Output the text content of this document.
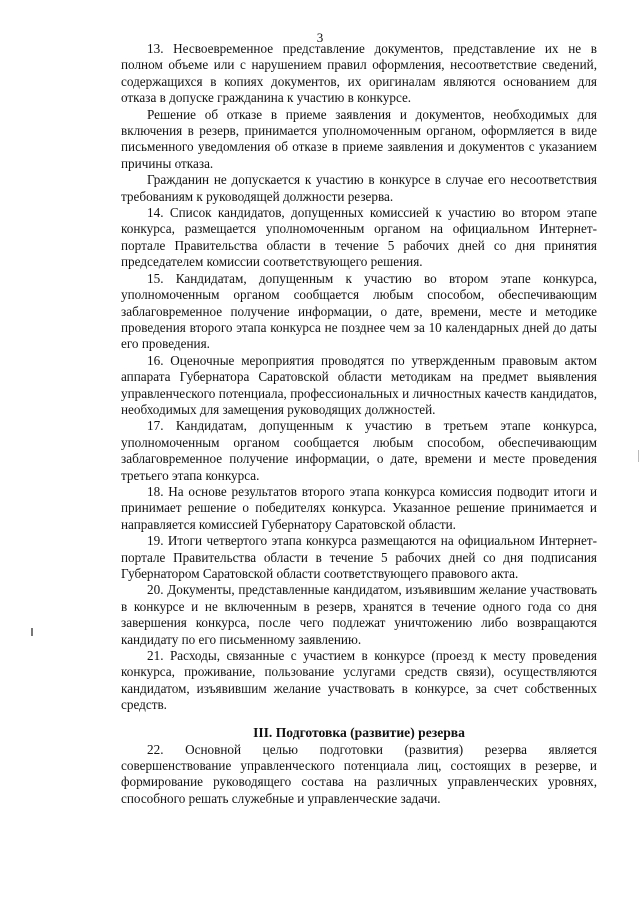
3

13. Несвоевременное представление документов, представление их не в полном объеме или с нарушением правил оформления, несоответствие сведений, содержащихся в копиях документов, их оригиналам являются основанием для отказа в допуске гражданина к участию в конкурсе.

Решение об отказе в приеме заявления и документов, необходимых для включения в резерв, принимается уполномоченным органом, оформляется в виде письменного уведомления об отказе в приеме заявления и документов с указанием причины отказа.

Гражданин не допускается к участию в конкурсе в случае его несоответствия требованиям к руководящей должности резерва.

14. Список кандидатов, допущенных комиссией к участию во втором этапе конкурса, размещается уполномоченным органом на официальном Интернет-портале Правительства области в течение 5 рабочих дней со дня принятия председателем комиссии соответствующего решения.

15. Кандидатам, допущенным к участию во втором этапе конкурса, уполномоченным органом сообщается любым способом, обеспечивающим заблаговременное получение информации, о дате, времени, месте и методике проведения второго этапа конкурса не позднее чем за 10 календарных дней до даты его проведения.

16. Оценочные мероприятия проводятся по утвержденным правовым актом аппарата Губернатора Саратовской области методикам на предмет выявления управленческого потенциала, профессиональных и личностных качеств кандидатов, необходимых для замещения руководящих должностей.

17. Кандидатам, допущенным к участию в третьем этапе конкурса, уполномоченным органом сообщается любым способом, обеспечивающим заблаговременное получение информации, о дате, времени и месте проведения третьего этапа конкурса.

18. На основе результатов второго этапа конкурса комиссия подводит итоги и принимает решение о победителях конкурса. Указанное решение принимается и направляется комиссией Губернатору Саратовской области.

19. Итоги четвертого этапа конкурса размещаются на официальном Интернет-портале Правительства области в течение 5 рабочих дней со дня подписания Губернатором Саратовской области соответствующего правового акта.

20. Документы, представленные кандидатом, изъявившим желание участвовать в конкурсе и не включенным в резерв, хранятся в течение одного года со дня завершения конкурса, после чего подлежат уничтожению либо возвращаются кандидату по его письменному заявлению.

21. Расходы, связанные с участием в конкурсе (проезд к месту проведения конкурса, проживание, пользование услугами средств связи), осуществляются кандидатом, изъявившим желание участвовать в конкурсе, за счет собственных средств.

III. Подготовка (развитие) резерва

22. Основной целью подготовки (развития) резерва является совершенствование управленческого потенциала лиц, состоящих в резерве, и формирование руководящего состава на различных управленческих уровнях, способного решать служебные и управленческие задачи.
